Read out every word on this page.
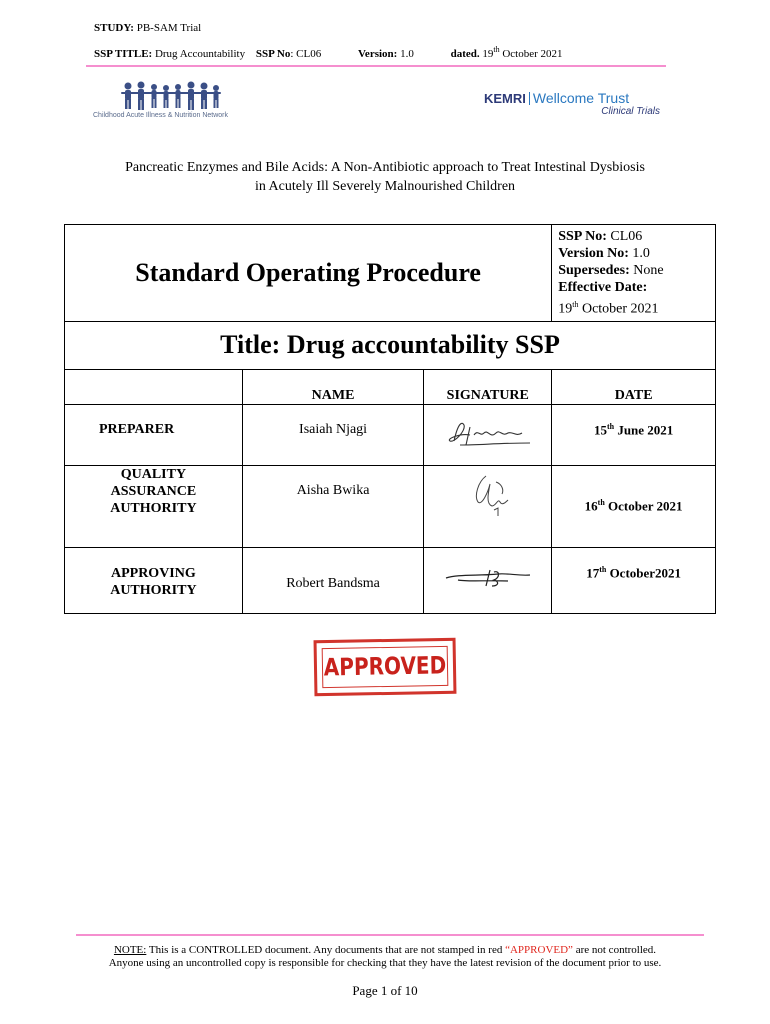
STUDY: PB-SAM Trial
SSP TITLE: Drug Accountability SSP No: CL06	Version: 1.0	dated. 19th October 2021
Childhood Acute Illness & Nutrition Network
KEMRI Wellcome Trust
Clinical Trials
Pancreatic Enzymes and Bile Acids: A Non-Antibiotic approach to Treat Intestinal Dysbiosis
in Acutely Ill Severely Malnourished Children
Standard Operating Procedure			SSP No: CL06
Version No: 1.0
Supersedes: None
Effective Date:
19th October 2021

Title: Drug accountability SSP			
	NAME	SIGNATURE	DATE
PREPARER	Isaiah Njagi		15th June 2021

QUALITY
ASSURANCE
AUTHORITY	Aisha Bwika		16th October 2021

APPROVING
AUTHORITY	Robert Bandsma		17th October2021
APPROVED
NOTE: This is a CONTROLLED document. Any documents that are not stamped in red “APPROVED” are not controlled.
Anyone using an uncontrolled copy is responsible for checking that they have the latest revision of the document prior to use.
Page 1 of 10
